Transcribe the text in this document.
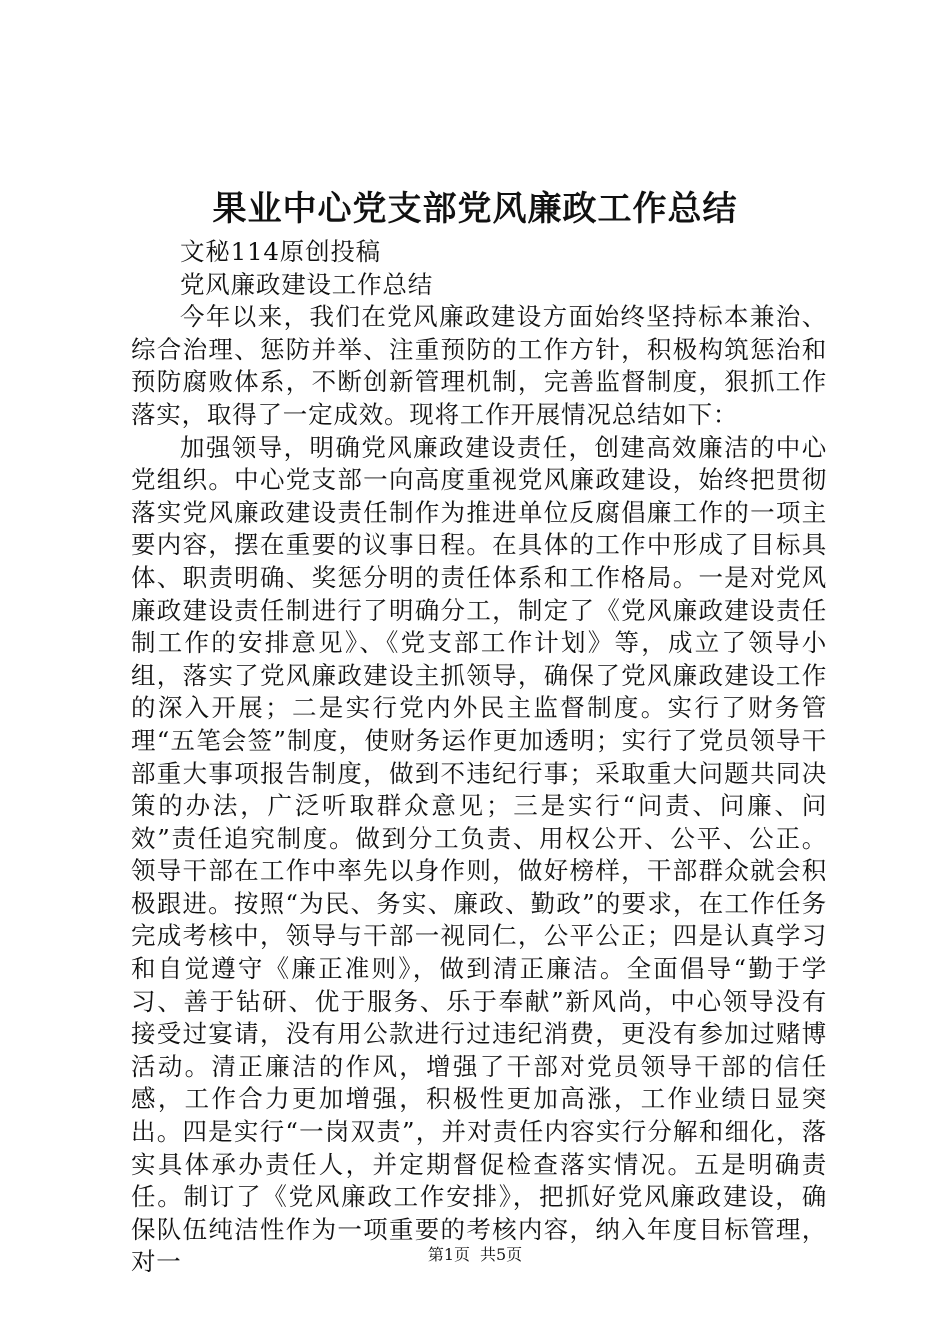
果业中心党支部党风廉政工作总结

文秘114原创投稿

党风廉政建设工作总结

今年以来，我们在党风廉政建设方面始终坚持标本兼治、综合治理、惩防并举、注重预防的工作方针，积极构筑惩治和预防腐败体系，不断创新管理机制，完善监督制度，狠抓工作落实，取得了一定成效。现将工作开展情况总结如下：

加强领导，明确党风廉政建设责任，创建高效廉洁的中心党组织。中心党支部一向高度重视党风廉政建设，始终把贯彻落实党风廉政建设责任制作为推进单位反腐倡廉工作的一项主要内容，摆在重要的议事日程。在具体的工作中形成了目标具体、职责明确、奖惩分明的责任体系和工作格局。一是对党风廉政建设责任制进行了明确分工，制定了《党风廉政建设责任制工作的安排意见》、《党支部工作计划》等，成立了领导小组，落实了党风廉政建设主抓领导，确保了党风廉政建设工作的深入开展；二是实行党内外民主监督制度。实行了财务管理“五笔会签”制度，使财务运作更加透明；实行了党员领导干部重大事项报告制度，做到不违纪行事；采取重大问题共同决策的办法，广泛听取群众意见；三是实行“问责、问廉、问效”责任追究制度。做到分工负责、用权公开、公平、公正。领导干部在工作中率先以身作则，做好榜样，干部群众就会积极跟进。按照“为民、务实、廉政、勤政”的要求，在工作任务完成考核中，领导与干部一视同仁，公平公正；四是认真学习和自觉遵守《廉正准则》，做到清正廉洁。全面倡导“勤于学习、善于钻研、优于服务、乐于奉献”新风尚，中心领导没有接受过宴请，没有用公款进行过违纪消费，更没有参加过赌博活动。清正廉洁的作风，增强了干部对党员领导干部的信任感，工作合力更加增强，积极性更加高涨，工作业绩日显突出。四是实行“一岗双责”，并对责任内容实行分解和细化，落实具体承办责任人，并定期督促检查落实情况。五是明确责任。制订了《党风廉政工作安排》，把抓好党风廉政建设，确保队伍纯洁性作为一项重要的考核内容，纳入年度目标管理，对一	第1页 共5页
